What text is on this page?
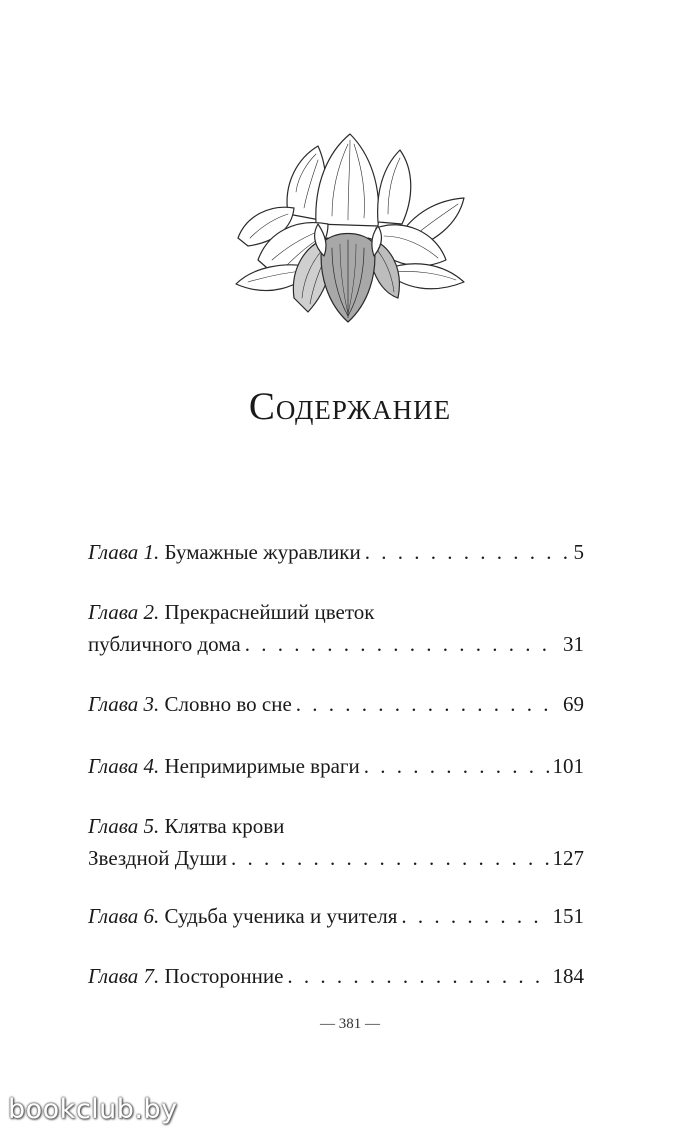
Содержание
Глава 1.
Бумажные журавлики . . .	5
Глава 2.
Прекраснейший цветок
публичного дома . . .	31
Глава 3.
Словно во сне . . .	69
Глава 4.
Непримиримые враги . . .	101
Глава 5.
Клятва крови
Звездной Души . . .	127
Глава 6.
Судьба ученика и учителя . . .	151
Глава 7.
Посторонние . . .	184
— 381 —
bookclub.by
